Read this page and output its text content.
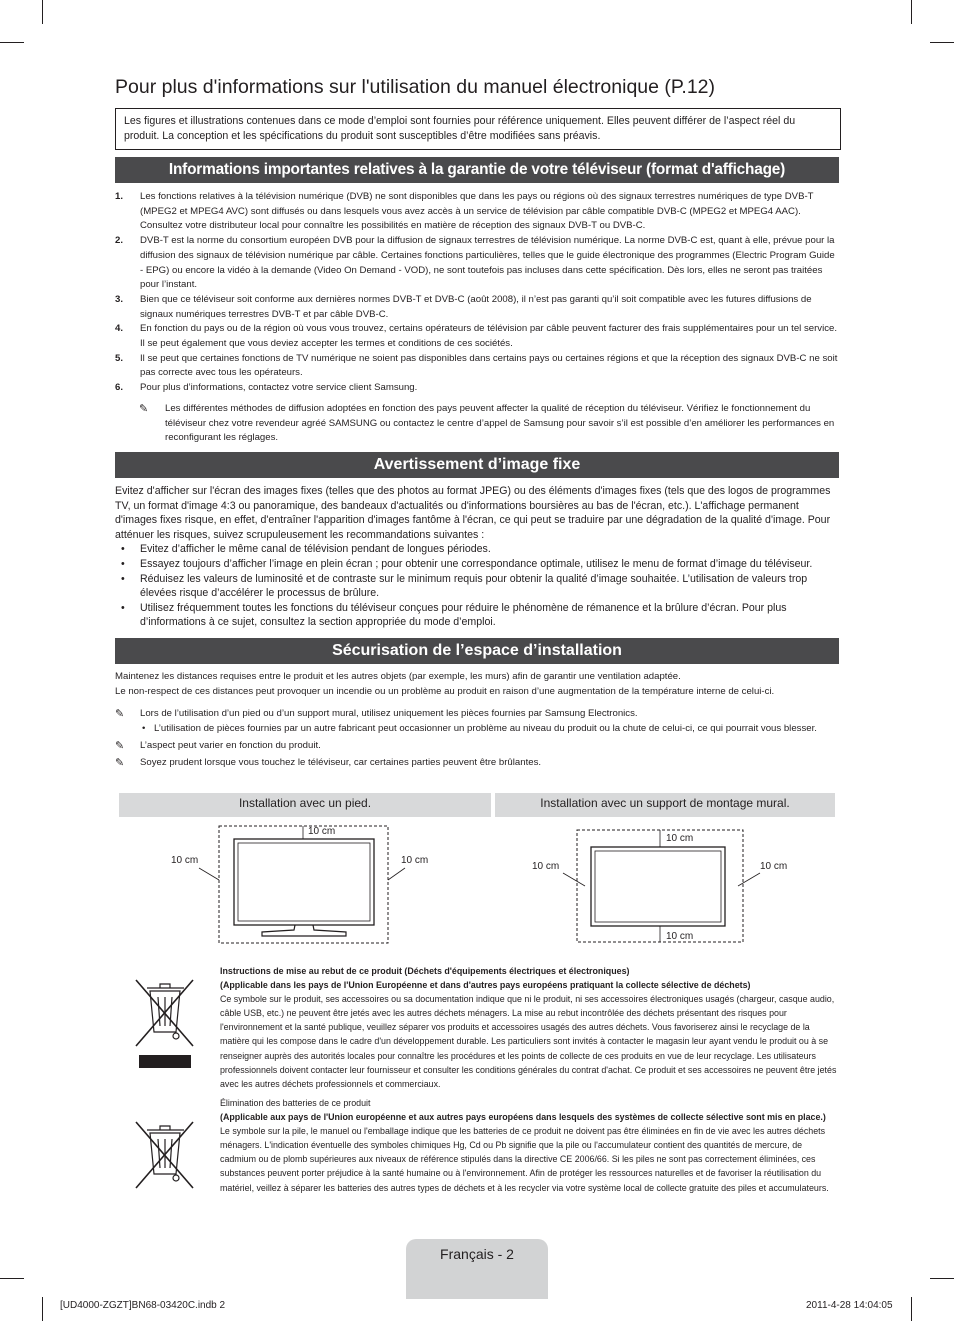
Pour plus d'informations sur l'utilisation du manuel électronique (P.12)
Les figures et illustrations contenues dans ce mode d’emploi sont fournies pour référence uniquement. Elles peuvent différer de l’aspect réel du produit. La conception et les spécifications du produit sont susceptibles d’être modifiées sans préavis.
Informations importantes relatives à la garantie de votre téléviseur (format d'affichage)
1. Les fonctions relatives à la télévision numérique (DVB) ne sont disponibles que dans les pays ou régions où des signaux terrestres numériques de type DVB-T (MPEG2 et MPEG4 AVC) sont diffusés ou dans lesquels vous avez accès à un service de télévision par câble compatible DVB-C (MPEG2 et MPEG4 AAC). Consultez votre distributeur local pour connaître les possibilités en matière de réception des signaux DVB-T ou DVB-C.
2. DVB-T est la norme du consortium européen DVB pour la diffusion de signaux terrestres de télévision numérique. La norme DVB-C est, quant à elle, prévue pour la diffusion des signaux de télévision numérique par câble. Certaines fonctions particulières, telles que le guide électronique des programmes (Electric Program Guide - EPG) ou encore la vidéo à la demande (Video On Demand - VOD), ne sont toutefois pas incluses dans cette spécification. Dès lors, elles ne seront pas traitées pour l’instant.
3. Bien que ce téléviseur soit conforme aux dernières normes DVB-T et DVB-C (août 2008), il n’est pas garanti qu’il soit compatible avec les futures diffusions de signaux numériques terrestres DVB-T et par câble DVB-C.
4. En fonction du pays ou de la région où vous vous trouvez, certains opérateurs de télévision par câble peuvent facturer des frais supplémentaires pour un tel service. Il se peut également que vous deviez accepter les termes et conditions de ces sociétés.
5. Il se peut que certaines fonctions de TV numérique ne soient pas disponibles dans certains pays ou certaines régions et que la réception des signaux DVB-C ne soit pas correcte avec tous les opérateurs.
6. Pour plus d’informations, contactez votre service client Samsung.
✎ Les différentes méthodes de diffusion adoptées en fonction des pays peuvent affecter la qualité de réception du téléviseur. Vérifiez le fonctionnement du téléviseur chez votre revendeur agréé SAMSUNG ou contactez le centre d’appel de Samsung pour savoir s’il est possible d’en améliorer les performances en reconfigurant les réglages.
Avertissement d’image fixe
Evitez d'afficher sur l'écran des images fixes (telles que des photos au format JPEG) ou des éléments d'images fixes (tels que des logos de programmes TV, un format d'image 4:3 ou panoramique, des bandeaux d'actualités ou d'informations boursières au bas de l'écran, etc.). L'affichage permanent d'images fixes risque, en effet, d'entraîner l'apparition d'images fantôme à l'écran, ce qui peut se traduire par une dégradation de la qualité d'image. Pour atténuer les risques, suivez scrupuleusement les recommandations suivantes :
• Evitez d’afficher le même canal de télévision pendant de longues périodes.
• Essayez toujours d’afficher l’image en plein écran ; pour obtenir une correspondance optimale, utilisez le menu de format d’image du téléviseur.
• Réduisez les valeurs de luminosité et de contraste sur le minimum requis pour obtenir la qualité d’image souhaitée. L’utilisation de valeurs trop élevées risque d’accélérer le processus de brûlure.
• Utilisez fréquemment toutes les fonctions du téléviseur conçues pour réduire le phénomène de rémanence et la brûlure d’écran. Pour plus d’informations à ce sujet, consultez la section appropriée du mode d’emploi.
Sécurisation de l’espace d’installation
Maintenez les distances requises entre le produit et les autres objets (par exemple, les murs) afin de garantir une ventilation adaptée.
Le non-respect de ces distances peut provoquer un incendie ou un problème au produit en raison d’une augmentation de la température interne de celui-ci.
✎ Lors de l’utilisation d’un pied ou d’un support mural, utilisez uniquement les pièces fournies par Samsung Electronics.
• L’utilisation de pièces fournies par un autre fabricant peut occasionner un problème au niveau du produit ou la chute de celui-ci, ce qui pourrait vous blesser.
✎ L’aspect peut varier en fonction du produit.
✎ Soyez prudent lorsque vous touchez le téléviseur, car certaines parties peuvent être brûlantes.
Installation avec un pied.	Installation avec un support de montage mural.
10 cm
10 cm	10 cm
10 cm
10 cm	10 cm
10 cm
Instructions de mise au rebut de ce produit (Déchets d'équipements électriques et électroniques)
(Applicable dans les pays de l'Union Européenne et dans d'autres pays européens pratiquant la collecte sélective de déchets)
Ce symbole sur le produit, ses accessoires ou sa documentation indique que ni le produit, ni ses accessoires électroniques usagés (chargeur, casque audio, câble USB, etc.) ne peuvent être jetés avec les autres déchets ménagers. La mise au rebut incontrôlée des déchets présentant des risques pour l'environnement et la santé publique, veuillez séparer vos produits et accessoires usagés des autres déchets. Vous favoriserez ainsi le recyclage de la matière qui les compose dans le cadre d'un développement durable. Les particuliers sont invités à contacter le magasin leur ayant vendu le produit ou à se renseigner auprès des autorités locales pour connaître les procédures et les points de collecte de ces produits en vue de leur recyclage. Les utilisateurs professionnels doivent contacter leur fournisseur et consulter les conditions générales du contrat d'achat. Ce produit et ses accessoires ne peuvent être jetés avec les autres déchets professionnels et commerciaux.
Élimination des batteries de ce produit
(Applicable aux pays de l'Union européenne et aux autres pays européens dans lesquels des systèmes de collecte sélective sont mis en place.)
Le symbole sur la pile, le manuel ou l'emballage indique que les batteries de ce produit ne doivent pas être éliminées en fin de vie avec les autres déchets ménagers. L'indication éventuelle des symboles chimiques Hg, Cd ou Pb signifie que la pile ou l'accumulateur contient des quantités de mercure, de cadmium ou de plomb supérieures aux niveaux de référence stipulés dans la directive CE 2006/66. Si les piles ne sont pas correctement éliminées, ces substances peuvent porter préjudice à la santé humaine ou à l'environnement. Afin de protéger les ressources naturelles et de favoriser la réutilisation du matériel, veillez à séparer les batteries des autres types de déchets et à les recycler via votre système local de collecte gratuite des piles et accumulateurs.
Français - 2
[UD4000-ZGZT]BN68-03420C.indb 2	2011-4-28 14:04:05
